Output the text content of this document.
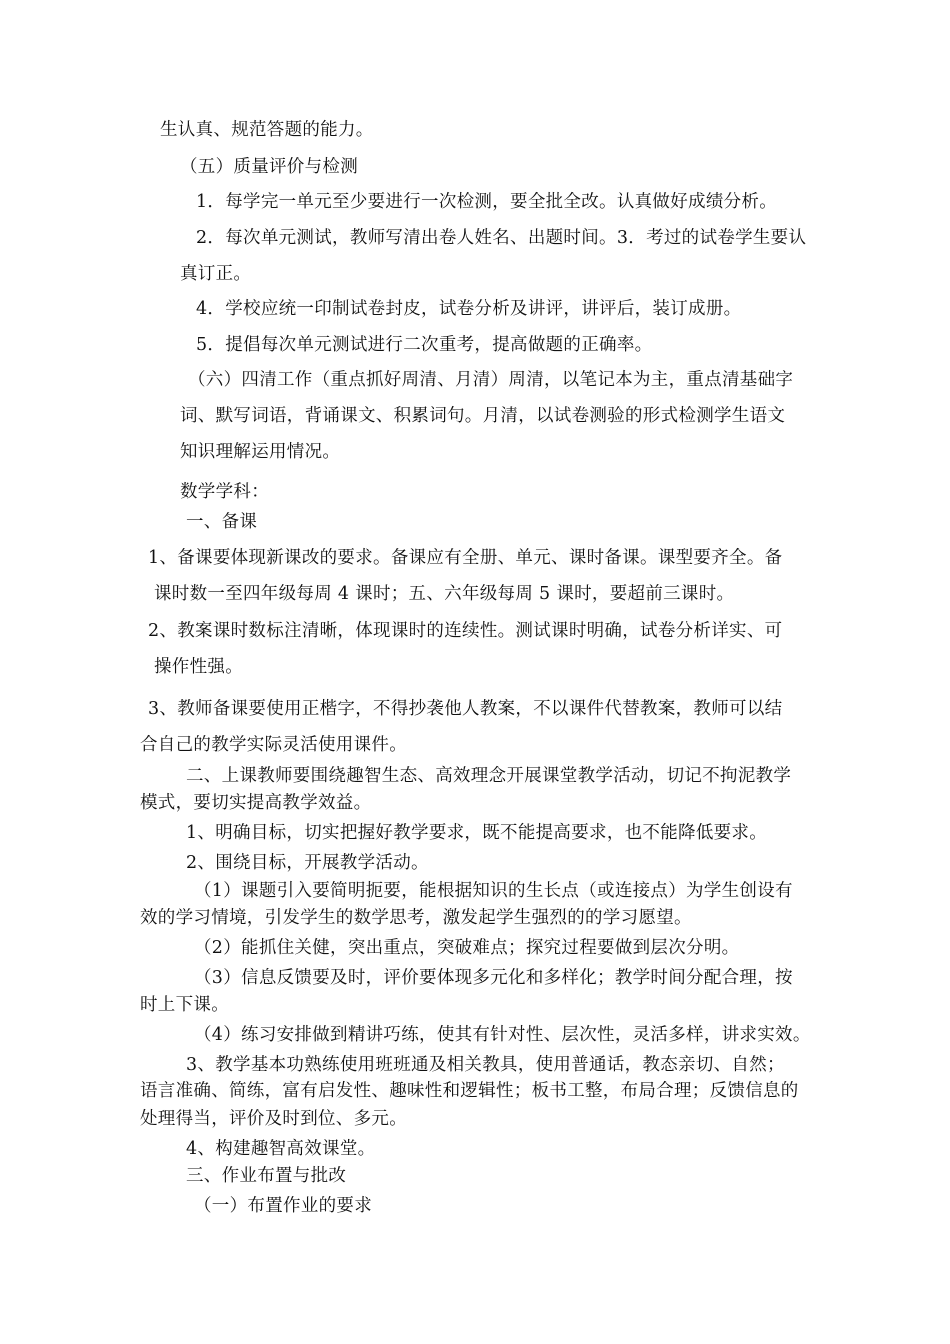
生认真、规范答题的能力。
（五）质量评价与检测
1．每学完一单元至少要进行一次检测，要全批全改。认真做好成绩分析。
2．每次单元测试，教师写清出卷人姓名、出题时间。3．考过的试卷学生要认
真订正。
4．学校应统一印制试卷封皮，试卷分析及讲评，讲评后，装订成册。
5．提倡每次单元测试进行二次重考，提高做题的正确率。
（六）四清工作（重点抓好周清、月清）周清，以笔记本为主，重点清基础字
词、默写词语，背诵课文、积累词句。月清，以试卷测验的形式检测学生语文
知识理解运用情况。
数学学科：
一、备课
1、备课要体现新课改的要求。备课应有全册、单元、课时备课。课型要齐全。备
课时数一至四年级每周 4 课时；五、六年级每周 5 课时，要超前三课时。
2、教案课时数标注清晰，体现课时的连续性。测试课时明确，试卷分析详实、可
操作性强。
3、教师备课要使用正楷字，不得抄袭他人教案，不以课件代替教案，教师可以结
合自己的教学实际灵活使用课件。
二、上课教师要围绕趣智生态、高效理念开展课堂教学活动，切记不拘泥教学
模式，要切实提高教学效益。
1、明确目标，切实把握好教学要求，既不能提高要求，也不能降低要求。
2、围绕目标，开展教学活动。
（1）课题引入要简明扼要，能根据知识的生长点（或连接点）为学生创设有
效的学习情境，引发学生的数学思考，激发起学生强烈的的学习愿望。
（2）能抓住关健，突出重点，突破难点；探究过程要做到层次分明。
（3）信息反馈要及时，评价要体现多元化和多样化；教学时间分配合理，按
时上下课。
（4）练习安排做到精讲巧练，使其有针对性、层次性，灵活多样，讲求实效。
3、教学基本功熟练使用班班通及相关教具，使用普通话，教态亲切、自然；
语言准确、简练，富有启发性、趣味性和逻辑性；板书工整，布局合理；反馈信息的
处理得当，评价及时到位、多元。
4、构建趣智高效课堂。
三、作业布置与批改
（一）布置作业的要求
